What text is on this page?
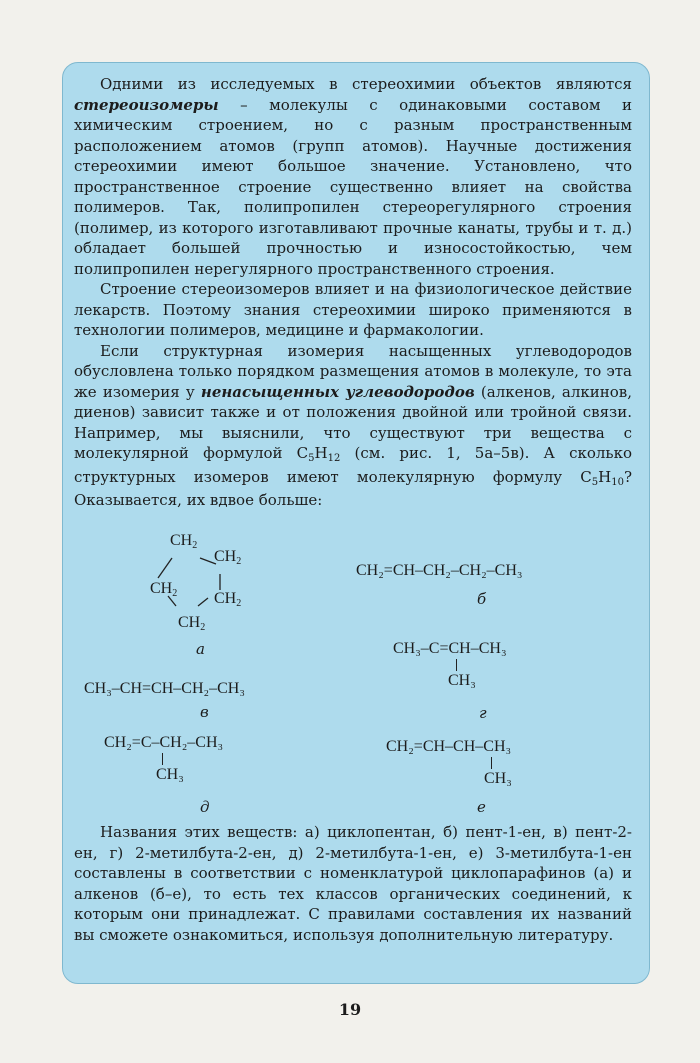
Одними из исследуемых в стереохимии объектов являются стереоизомеры – молекулы с одинаковыми составом и химическим строением, но с разным пространственным расположением атомов (групп атомов). Научные достижения стереохимии имеют большое значение. Установлено, что пространственное строение существенно влияет на свойства полимеров. Так, полипропилен стереорегулярного строения (полимер, из которого изготавливают прочные канаты, трубы и т. д.) обладает большей прочностью и износостойкостью, чем полипропилен нерегулярного пространственного строения.

Строение стереоизомеров влияет и на физиологическое действие лекарств. Поэтому знания стереохимии широко применяются в технологии полимеров, медицине и фармакологии.

Если структурная изомерия насыщенных углеводородов обусловлена только порядком размещения атомов в молекуле, то эта же изомерия у ненасыщенных углеводородов (алкенов, алкинов, диенов) зависит также и от положения двойной или тройной связи. Например, мы выяснили, что существуют три вещества с молекулярной формулой $C_5H_{12}$ (см. рис. 1, 5а–5в). А сколько структурных изомеров имеют молекулярную формулу $C_5H_{10}$? Оказывается, их вдвое больше:

$CH_2$
$CH_2$
$CH_2$ $CH_2$
$CH_2$
а
CH₂=CH–CH₂–CH₂–CH₃
б
CH₃–C=CH–CH₃
CH₃
г
CH₃–CH=CH–CH₂–CH₃
в
CH₂=C–CH₂–CH₃
CH₃
д
CH₂=CH–CH–CH₃
CH₃
е

Названия этих веществ: а) циклопентан, б) пент-1-ен, в) пент-2-ен, г) 2-метилбута-2-ен, д) 2-метилбута-1-ен, е) 3-метилбута-1-ен составлены в соответствии с номенклатурой циклопарафинов (а) и алкенов (б–е), то есть тех классов органических соединений, к которым они принадлежат. С правилами составления их названий вы сможете ознакомиться, используя дополнительную литературу.

19
